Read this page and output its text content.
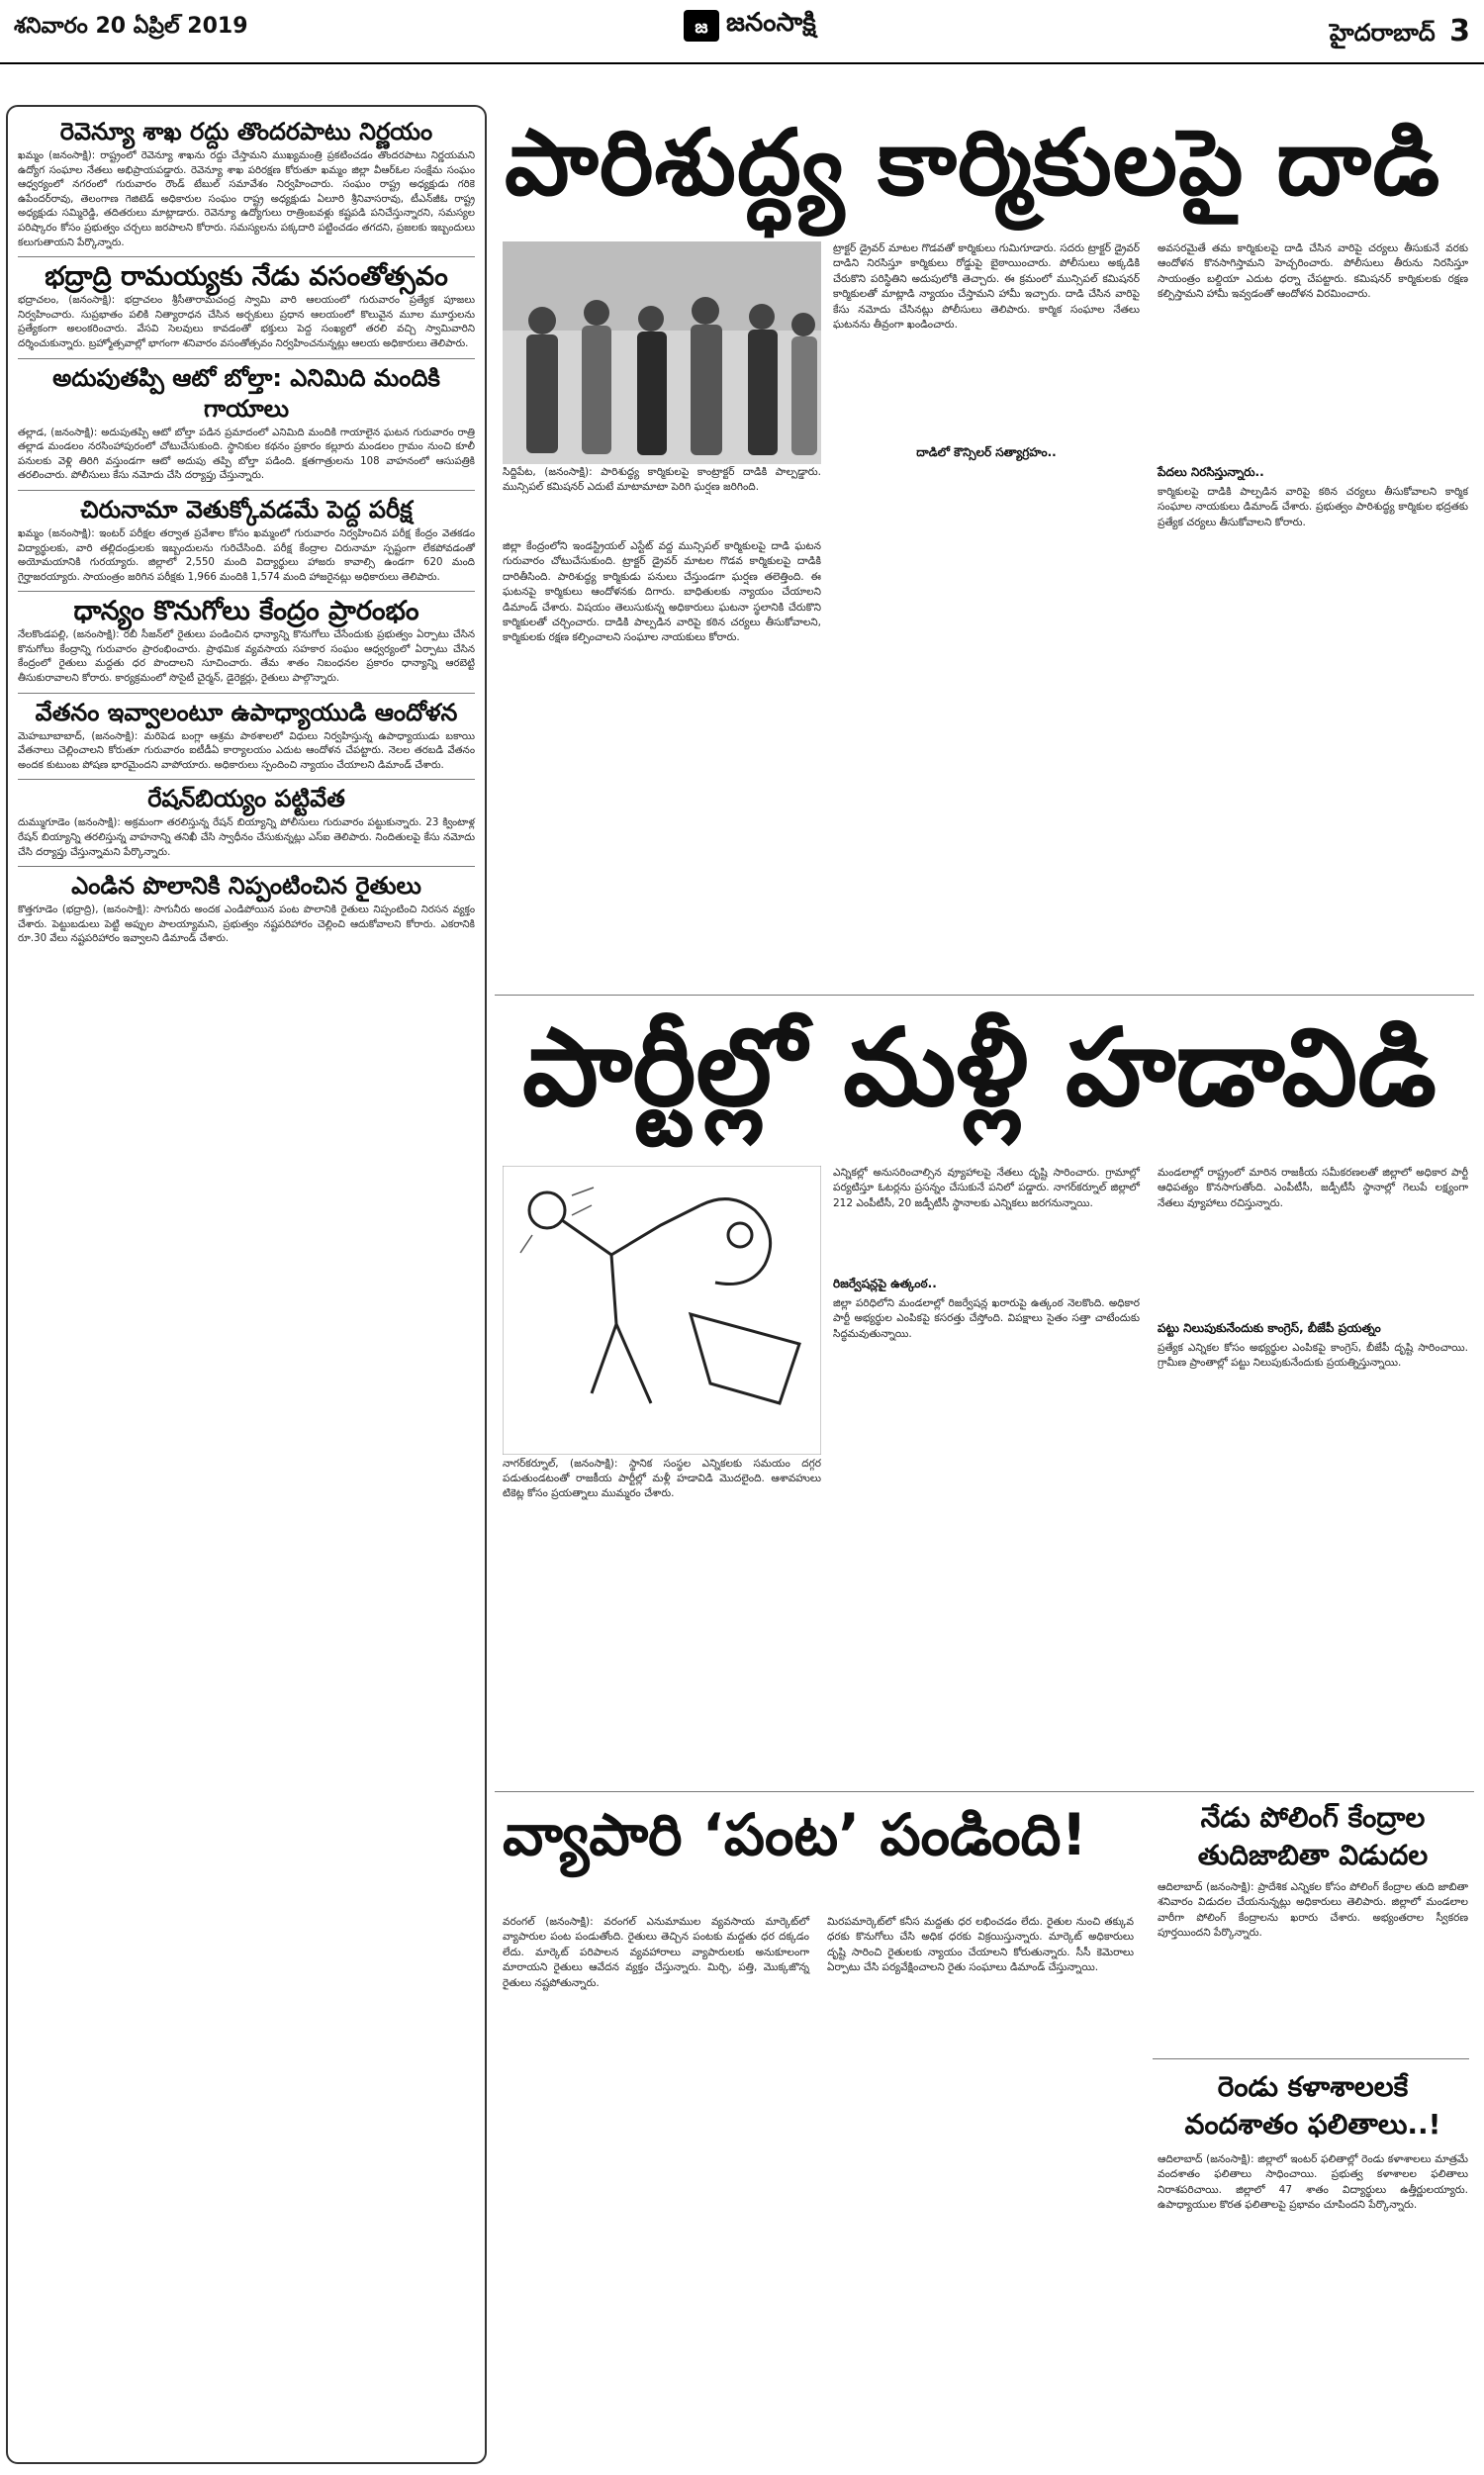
శనివారం 20 ఏప్రిల్ 2019	జ జనంసాక్షి	హైదరాబాద్ 3
రెవెన్యూ శాఖ రద్దు తొందరపాటు నిర్ణయం
ఖమ్మం (జనంసాక్షి): రాష్ట్రంలో రెవెన్యూ శాఖను రద్దు చేస్తామని ముఖ్యమంత్రి ప్రకటించడం తొందరపాటు నిర్ణయమని ఉద్యోగ సంఘాల నేతలు అభిప్రాయపడ్డారు. రెవెన్యూ శాఖ పరిరక్షణ కోరుతూ ఖమ్మం జిల్లా వీఆర్‌ఓల సంక్షేమ సంఘం ఆధ్వర్యంలో నగరంలో గురువారం రౌండ్ టేబుల్ సమావేశం నిర్వహించారు. సంఘం రాష్ట్ర అధ్యక్షుడు గరికె ఉపేందర్‌రావు, తెలంగాణ గెజిటెడ్ అధికారుల సంఘం రాష్ట్ర అధ్యక్షుడు ఏలూరి శ్రీనివాసరావు, టీఎన్‌జీఓ రాష్ట్ర అధ్యక్షుడు సమ్మిరెడ్డి, తదితరులు మాట్లాడారు. రెవెన్యూ ఉద్యోగులు రాత్రింబవళ్లు కష్టపడి పనిచేస్తున్నారని, సమస్యల పరిష్కారం కోసం ప్రభుత్వం చర్చలు జరపాలని కోరారు. సమస్యలను పక్కదారి పట్టించడం తగదని, ప్రజలకు ఇబ్బందులు కలుగుతాయని పేర్కొన్నారు.
భద్రాద్రి రామయ్యకు నేడు వసంతోత్సవం
భద్రాచలం, (జనంసాక్షి): భద్రాచలం శ్రీసీతారామచంద్ర స్వామి వారి ఆలయంలో గురువారం ప్రత్యేక పూజలు నిర్వహించారు. సుప్రభాతం పలికి నిత్యారాధన చేసిన అర్చకులు ప్రధాన ఆలయంలో కొలువైన మూల మూర్తులను ప్రత్యేకంగా అలంకరించారు. వేసవి సెలవులు కావడంతో భక్తులు పెద్ద సంఖ్యలో తరలి వచ్చి స్వామివారిని దర్శించుకున్నారు. బ్రహ్మోత్సవాల్లో భాగంగా శనివారం వసంతోత్సవం నిర్వహించనున్నట్లు ఆలయ అధికారులు తెలిపారు.
అదుపుతప్పి ఆటో బోల్తా: ఎనిమిది మందికి గాయాలు
తల్లాడ, (జనంసాక్షి): అదుపుతప్పి ఆటో బోల్తా పడిన ప్రమాదంలో ఎనిమిది మందికి గాయాలైన ఘటన గురువారం రాత్రి తల్లాడ మండలం నరసింహాపురంలో చోటుచేసుకుంది. స్థానికుల కథనం ప్రకారం కల్లూరు మండలం గ్రామం నుంచి కూలీ పనులకు వెళ్లి తిరిగి వస్తుండగా ఆటో అదుపు తప్పి బోల్తా పడింది. క్షతగాత్రులను 108 వాహనంలో ఆసుపత్రికి తరలించారు. పోలీసులు కేసు నమోదు చేసి దర్యాప్తు చేస్తున్నారు.
చిరునామా వెతుక్కోవడమే పెద్ద పరీక్ష
ఖమ్మం (జనంసాక్షి): ఇంటర్ పరీక్షల తర్వాత ప్రవేశాల కోసం ఖమ్మంలో గురువారం నిర్వహించిన పరీక్ష కేంద్రం వెతకడం విద్యార్థులకు, వారి తల్లిదండ్రులకు ఇబ్బందులను గురిచేసింది. పరీక్ష కేంద్రాల చిరునామా స్పష్టంగా లేకపోవడంతో అయోమయానికి గురయ్యారు. జిల్లాలో 2,550 మంది విద్యార్థులు హాజరు కావాల్సి ఉండగా 620 మంది గైర్హాజరయ్యారు. సాయంత్రం జరిగిన పరీక్షకు 1,966 మందికి 1,574 మంది హాజరైనట్లు అధికారులు తెలిపారు.
ధాన్యం కొనుగోలు కేంద్రం ప్రారంభం
నేలకొండపల్లి, (జనంసాక్షి): రబీ సీజన్‌లో రైతులు పండించిన ధాన్యాన్ని కొనుగోలు చేసేందుకు ప్రభుత్వం ఏర్పాటు చేసిన కొనుగోలు కేంద్రాన్ని గురువారం ప్రారంభించారు. ప్రాథమిక వ్యవసాయ సహకార సంఘం ఆధ్వర్యంలో ఏర్పాటు చేసిన కేంద్రంలో రైతులు మద్దతు ధర పొందాలని సూచించారు. తేమ శాతం నిబంధనల ప్రకారం ధాన్యాన్ని ఆరబెట్టి తీసుకురావాలని కోరారు. కార్యక్రమంలో సొసైటీ చైర్మన్, డైరెక్టర్లు, రైతులు పాల్గొన్నారు.
వేతనం ఇవ్వాలంటూ ఉపాధ్యాయుడి ఆందోళన
మెహబూబాబాద్, (జనంసాక్షి): మరిపెడ బంగ్లా ఆశ్రమ పాఠశాలలో విధులు నిర్వహిస్తున్న ఉపాధ్యాయుడు బకాయి వేతనాలు చెల్లించాలని కోరుతూ గురువారం ఐటీడీఏ కార్యాలయం ఎదుట ఆందోళన చేపట్టారు. నెలల తరబడి వేతనం అందక కుటుంబ పోషణ భారమైందని వాపోయారు. అధికారులు స్పందించి న్యాయం చేయాలని డిమాండ్ చేశారు.
రేషన్‌బియ్యం పట్టివేత
దుమ్ముగూడెం (జనంసాక్షి): అక్రమంగా తరలిస్తున్న రేషన్ బియ్యాన్ని పోలీసులు గురువారం పట్టుకున్నారు. 23 క్వింటాళ్ల రేషన్ బియ్యాన్ని తరలిస్తున్న వాహనాన్ని తనిఖీ చేసి స్వాధీనం చేసుకున్నట్లు ఎస్‌ఐ తెలిపారు. నిందితులపై కేసు నమోదు చేసి దర్యాప్తు చేస్తున్నామని పేర్కొన్నారు.
ఎండిన పొలానికి నిప్పంటించిన రైతులు
కొత్తగూడెం (భద్రాద్రి), (జనంసాక్షి): సాగునీరు అందక ఎండిపోయిన పంట పొలానికి రైతులు నిప్పంటించి నిరసన వ్యక్తం చేశారు. పెట్టుబడులు పెట్టి అప్పుల పాలయ్యామని, ప్రభుత్వం నష్టపరిహారం చెల్లించి ఆదుకోవాలని కోరారు. ఎకరానికి రూ.30 వేలు నష్టపరిహారం ఇవ్వాలని డిమాండ్ చేశారు.
పారిశుద్ధ్య కార్మికులపై దాడి
సిద్దిపేట, (జనంసాక్షి): పారిశుద్ధ్య కార్మికులపై కాంట్రాక్టర్ దాడికి పాల్పడ్డారు. మున్సిపల్ కమిషనర్ ఎదుటే మాటామాటా పెరిగి ఘర్షణ జరిగింది.
జిల్లా కేంద్రంలోని ఇండస్ట్రియల్ ఎస్టేట్ వద్ద మున్సిపల్ కార్మికులపై దాడి ఘటన గురువారం చోటుచేసుకుంది. ట్రాక్టర్ డ్రైవర్ మాటల గొడవ కార్మికులపై దాడికి దారితీసింది. పారిశుద్ధ్య కార్మికుడు పనులు చేస్తుండగా ఘర్షణ తలెత్తింది. ఈ ఘటనపై కార్మికులు ఆందోళనకు దిగారు. బాధితులకు న్యాయం చేయాలని డిమాండ్ చేశారు. విషయం తెలుసుకున్న అధికారులు ఘటనా స్థలానికి చేరుకొని కార్మికులతో చర్చించారు. దాడికి పాల్పడిన వారిపై కఠిన చర్యలు తీసుకోవాలని, కార్మికులకు రక్షణ కల్పించాలని సంఘాల నాయకులు కోరారు.
ట్రాక్టర్ డ్రైవర్ మాటల గొడవతో కార్మికులు గుమిగూడారు. సదరు ట్రాక్టర్ డ్రైవర్ దాడిని నిరసిస్తూ కార్మికులు రోడ్డుపై బైఠాయించారు. పోలీసులు అక్కడికి చేరుకొని పరిస్థితిని అదుపులోకి తెచ్చారు. ఈ క్రమంలో మున్సిపల్ కమిషనర్ కార్మికులతో మాట్లాడి న్యాయం చేస్తామని హామీ ఇచ్చారు. దాడి చేసిన వారిపై కేసు నమోదు చేసినట్లు పోలీసులు తెలిపారు. కార్మిక సంఘాల నేతలు ఘటనను తీవ్రంగా ఖండించారు.
దాడిలో కౌన్సిలర్ సత్యాగ్రహం..
అవసరమైతే తమ కార్మికులపై దాడి చేసిన వారిపై చర్యలు తీసుకునే వరకు ఆందోళన కొనసాగిస్తామని హెచ్చరించారు. పోలీసులు తీరును నిరసిస్తూ సాయంత్రం బల్దియా ఎదుట ధర్నా చేపట్టారు. కమిషనర్ కార్మికులకు రక్షణ కల్పిస్తామని హామీ ఇవ్వడంతో ఆందోళన విరమించారు.
పేదలు నిరసిస్తున్నారు..
కార్మికులపై దాడికి పాల్పడిన వారిపై కఠిన చర్యలు తీసుకోవాలని కార్మిక సంఘాల నాయకులు డిమాండ్ చేశారు. ప్రభుత్వం పారిశుద్ధ్య కార్మికుల భద్రతకు ప్రత్యేక చర్యలు తీసుకోవాలని కోరారు.
పార్టీల్లో మళ్లీ హడావిడి
నాగర్‌కర్నూల్, (జనంసాక్షి): స్థానిక సంస్థల ఎన్నికలకు సమయం దగ్గర పడుతుండటంతో రాజకీయ పార్టీల్లో మళ్లీ హడావిడి మొదలైంది. ఆశావహులు టికెట్ల కోసం ప్రయత్నాలు ముమ్మరం చేశారు.
ఎన్నికల్లో అనుసరించాల్సిన వ్యూహాలపై నేతలు దృష్టి సారించారు. గ్రామాల్లో పర్యటిస్తూ ఓటర్లను ప్రసన్నం చేసుకునే పనిలో పడ్డారు. నాగర్‌కర్నూల్ జిల్లాలో 212 ఎంపీటీసీ, 20 జడ్పీటీసీ స్థానాలకు ఎన్నికలు జరగనున్నాయి.
రిజర్వేషన్లపై ఉత్కంఠ..
జిల్లా పరిధిలోని మండలాల్లో రిజర్వేషన్ల ఖరారుపై ఉత్కంఠ నెలకొంది. అధికార పార్టీ అభ్యర్థుల ఎంపికపై కసరత్తు చేస్తోంది. విపక్షాలు సైతం సత్తా చాటేందుకు సిద్ధమవుతున్నాయి.
మండలాల్లో రాష్ట్రంలో మారిన రాజకీయ సమీకరణలతో జిల్లాలో అధికార పార్టీ ఆధిపత్యం కొనసాగుతోంది. ఎంపీటీసీ, జడ్పీటీసీ స్థానాల్లో గెలుపే లక్ష్యంగా నేతలు వ్యూహాలు రచిస్తున్నారు.
పట్టు నిలుపుకునేందుకు కాంగ్రెస్, బీజేపీ ప్రయత్నం
ప్రత్యేక ఎన్నికల కోసం అభ్యర్థుల ఎంపికపై కాంగ్రెస్, బీజేపీ దృష్టి సారించాయి. గ్రామీణ ప్రాంతాల్లో పట్టు నిలుపుకునేందుకు ప్రయత్నిస్తున్నాయి.
వ్యాపారి ‘పంట’ పండింది!
వరంగల్ (జనంసాక్షి): వరంగల్ ఎనుమాముల వ్యవసాయ మార్కెట్‌లో వ్యాపారుల పంట పండుతోంది. రైతులు తెచ్చిన పంటకు మద్దతు ధర దక్కడం లేదు. మార్కెట్ పరిపాలన వ్యవహారాలు వ్యాపారులకు అనుకూలంగా మారాయని రైతులు ఆవేదన వ్యక్తం చేస్తున్నారు. మిర్చి, పత్తి, మొక్కజొన్న రైతులు నష్టపోతున్నారు.
మిరపమార్కెట్‌లో కనీస మద్దతు ధర లభించడం లేదు. రైతుల నుంచి తక్కువ ధరకు కొనుగోలు చేసి అధిక ధరకు విక్రయిస్తున్నారు. మార్కెట్ అధికారులు దృష్టి సారించి రైతులకు న్యాయం చేయాలని కోరుతున్నారు. సీసీ కెమెరాలు ఏర్పాటు చేసి పర్యవేక్షించాలని రైతు సంఘాలు డిమాండ్ చేస్తున్నాయి.
నేడు పోలింగ్ కేంద్రాల తుదిజాబితా విడుదల
ఆదిలాబాద్ (జనంసాక్షి): ప్రాదేశిక ఎన్నికల కోసం పోలింగ్ కేంద్రాల తుది జాబితా శనివారం విడుదల చేయనున్నట్లు అధికారులు తెలిపారు. జిల్లాలో మండలాల వారీగా పోలింగ్ కేంద్రాలను ఖరారు చేశారు. అభ్యంతరాల స్వీకరణ పూర్తయిందని పేర్కొన్నారు.
రెండు కళాశాలలకే వందశాతం ఫలితాలు..!
ఆదిలాబాద్ (జనంసాక్షి): జిల్లాలో ఇంటర్ ఫలితాల్లో రెండు కళాశాలలు మాత్రమే వందశాతం ఫలితాలు సాధించాయి. ప్రభుత్వ కళాశాలల ఫలితాలు నిరాశపరిచాయి. జిల్లాలో 47 శాతం విద్యార్థులు ఉత్తీర్ణులయ్యారు. ఉపాధ్యాయుల కొరత ఫలితాలపై ప్రభావం చూపిందని పేర్కొన్నారు.
